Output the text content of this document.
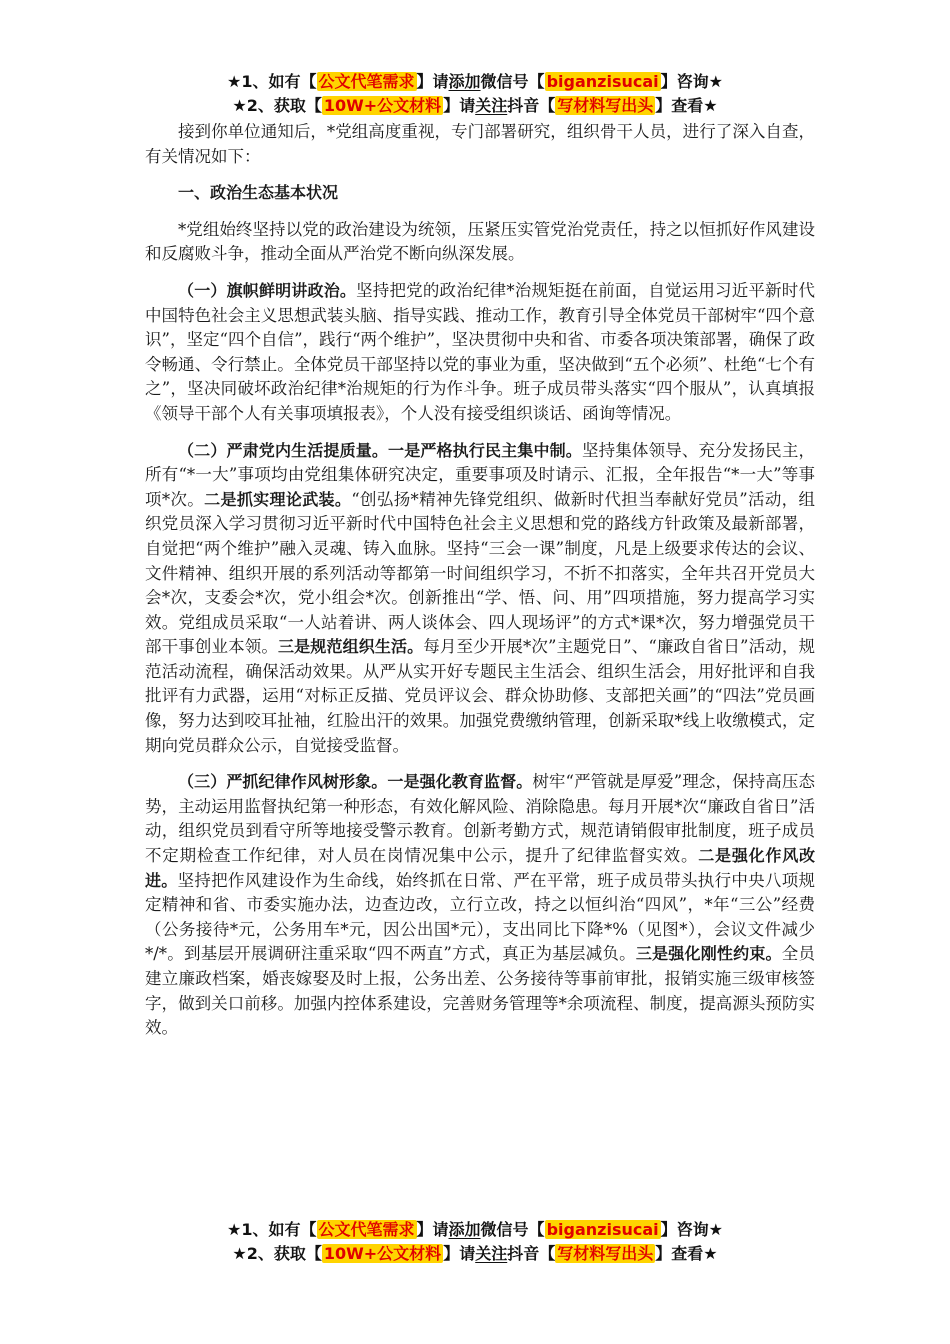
★1、如有【 公文代笔需求 】请添加微信号【 biganzisucai 】咨询★
★2、获取【 10W+公文材料 】请关注抖音【 写材料写出头 】查看★

接到你单位通知后，*党组高度重视，专门部署研究，组织骨干人员，进行了深入自查，有关情况如下：

一、政治生态基本状况

*党组始终坚持以党的政治建设为统领，压紧压实管党治党责任，持之以恒抓好作风建设和反腐败斗争，推动全面从严治党不断向纵深发展。

（一）旗帜鲜明讲政治。坚持把党的政治纪律*治规矩挺在前面，自觉运用习近平新时代中国特色社会主义思想武装头脑、指导实践、推动工作，教育引导全体党员干部树牢“四个意识”，坚定“四个自信”，践行“两个维护”，坚决贯彻中央和省、市委各项决策部署，确保了政令畅通、令行禁止。全体党员干部坚持以党的事业为重，坚决做到“五个必须”、杜绝“七个有之”，坚决同破坏政治纪律*治规矩的行为作斗争。班子成员带头落实“四个服从”，认真填报《领导干部个人有关事项填报表》，个人没有接受组织谈话、函询等情况。

（二）严肃党内生活提质量。一是严格执行民主集中制。坚持集体领导、充分发扬民主，所有“*一大”事项均由党组集体研究决定，重要事项及时请示、汇报，全年报告“*一大”等事项*次。二是抓实理论武装。“创弘扬*精神先锋党组织、做新时代担当奉献好党员”活动，组织党员深入学习贯彻习近平新时代中国特色社会主义思想和党的路线方针政策及最新部署，自觉把“两个维护”融入灵魂、铸入血脉。坚持“三会一课”制度，凡是上级要求传达的会议、文件精神、组织开展的系列活动等都第一时间组织学习，不折不扣落实，全年共召开党员大会*次，支委会*次，党小组会*次。创新推出“学、悟、问、用”四项措施，努力提高学习实效。党组成员采取“一人站着讲、两人谈体会、四人现场评”的方式*课*次，努力增强党员干部干事创业本领。三是规范组织生活。每月至少开展*次”主题党日”、“廉政自省日”活动，规范活动流程，确保活动效果。从严从实开好专题民主生活会、组织生活会，用好批评和自我批评有力武器，运用“对标正反描、党员评议会、群众协助修、支部把关画”的“四法”党员画像，努力达到咬耳扯袖，红脸出汗的效果。加强党费缴纳管理，创新采取*线上收缴模式，定期向党员群众公示，自觉接受监督。

（三）严抓纪律作风树形象。一是强化教育监督。树牢“严管就是厚爱”理念，保持高压态势，主动运用监督执纪第一种形态，有效化解风险、消除隐患。每月开展*次“廉政自省日”活动，组织党员到看守所等地接受警示教育。创新考勤方式，规范请销假审批制度，班子成员不定期检查工作纪律，对人员在岗情况集中公示，提升了纪律监督实效。二是强化作风改进。坚持把作风建设作为生命线，始终抓在日常、严在平常，班子成员带头执行中央八项规定精神和省、市委实施办法，边查边改，立行立改，持之以恒纠治“四风”，*年“三公”经费（公务接待*元，公务用车*元，因公出国*元），支出同比下降*%（见图*），会议文件减少*/*。到基层开展调研注重采取“四不两直”方式，真正为基层减负。三是强化刚性约束。全员建立廉政档案，婚丧嫁娶及时上报，公务出差、公务接待等事前审批，报销实施三级审核签字，做到关口前移。加强内控体系建设，完善财务管理等*余项流程、制度，提高源头预防实效。

★1、如有【 公文代笔需求 】请添加微信号【 biganzisucai 】咨询★
★2、获取【 10W+公文材料 】请关注抖音【 写材料写出头 】查看★
